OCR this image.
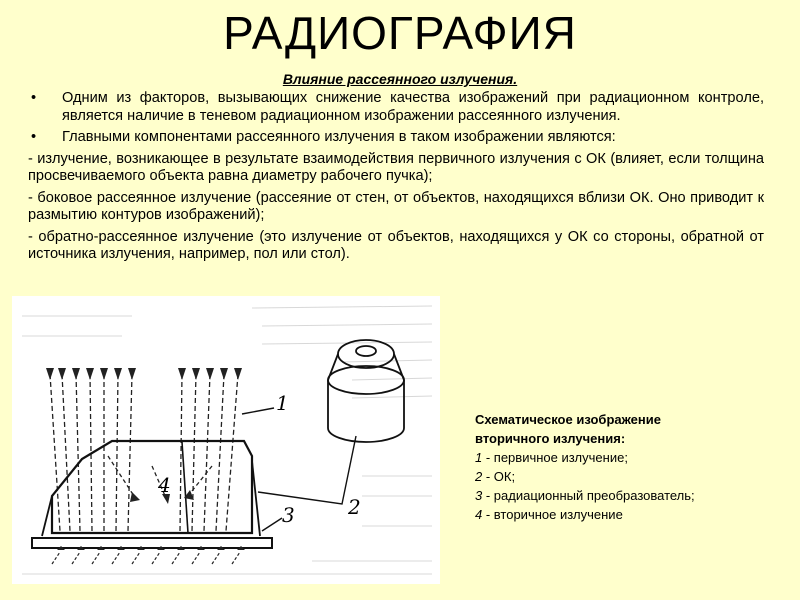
РАДИОГРАФИЯ
Влияние рассеянного излучения.

• Одним из факторов, вызывающих снижение качества изображений при радиационном контроле, является наличие в теневом радиационном изображении рассеянного излучения.

• Главными компонентами рассеянного излучения в таком изображении являются:

- излучение, возникающее в результате взаимодействия первичного излучения с ОК (влияет, если толщина просвечиваемого объекта равна диаметру рабочего пучка);

- боковое рассеянное излучение (рассеяние от стен, от объектов, находящихся вблизи ОК. Оно приводит к размытию контуров изображений);

- обратно-рассеянное излучение (это излучение от объектов, находящихся у ОК со стороны, обратной от источника излучения, например, пол или стол).

1
2
3
4
Схематическое изображение
вторичного излучения:
1 - первичное излучение;
2 - ОК;
3 - радиационный преобразователь;
4 - вторичное излучение
